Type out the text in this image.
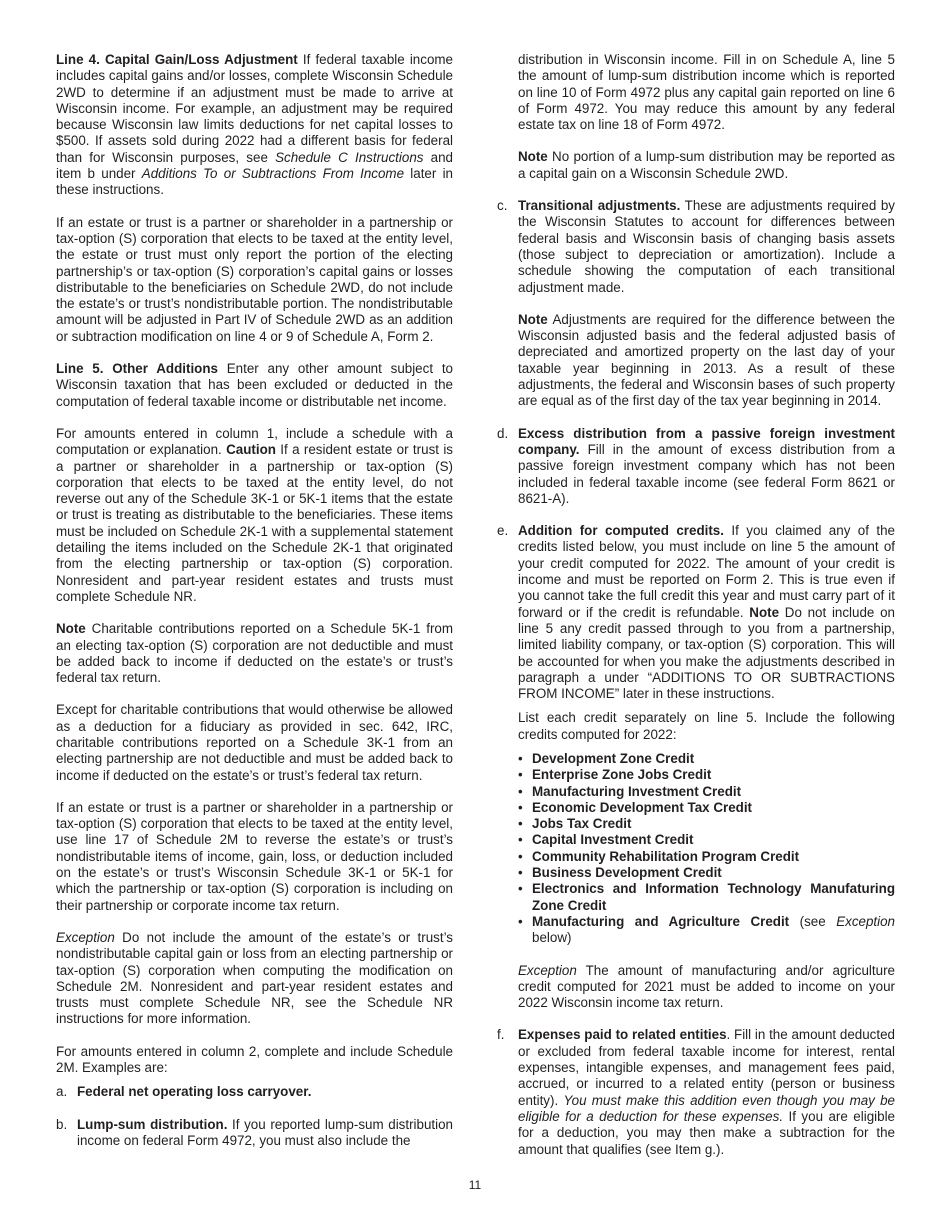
Line 4. Capital Gain/Loss Adjustment If federal taxable income includes capital gains and/or losses, complete Wisconsin Schedule 2WD to determine if an adjustment must be made to arrive at Wisconsin income. For example, an adjustment may be required because Wisconsin law limits deductions for net capital losses to $500. If assets sold during 2022 had a different basis for federal than for Wisconsin purposes, see Schedule C Instructions and item b under Additions To or Subtractions From Income later in these instructions.

If an estate or trust is a partner or shareholder in a partnership or tax-option (S) corporation that elects to be taxed at the entity level, the estate or trust must only report the portion of the electing partnership’s or tax-option (S) corporation’s capital gains or losses distributable to the beneficiaries on Schedule 2WD, do not include the estate’s or trust’s nondistributable portion. The nondistributable amount will be adjusted in Part IV of Schedule 2WD as an addition or subtraction modification on line 4 or 9 of Schedule A, Form 2.

Line 5. Other Additions Enter any other amount subject to Wisconsin taxation that has been excluded or deducted in the computation of federal taxable income or distributable net income.

For amounts entered in column 1, include a schedule with a computation or explanation. Caution If a resident estate or trust is a partner or shareholder in a partnership or tax-option (S) corporation that elects to be taxed at the entity level, do not reverse out any of the Schedule 3K-1 or 5K-1 items that the estate or trust is treating as distributable to the beneficiaries. These items must be included on Schedule 2K-1 with a supplemental statement detailing the items included on the Schedule 2K-1 that originated from the electing partnership or tax-option (S) corporation. Nonresident and part-year resident estates and trusts must complete Schedule NR.

Note Charitable contributions reported on a Schedule 5K-1 from an electing tax-option (S) corporation are not deductible and must be added back to income if deducted on the estate’s or trust’s federal tax return.

Except for charitable contributions that would otherwise be allowed as a deduction for a fiduciary as provided in sec. 642, IRC, charitable contributions reported on a Schedule 3K-1 from an electing partnership are not deductible and must be added back to income if deducted on the estate’s or trust’s federal tax return.

If an estate or trust is a partner or shareholder in a partnership or tax-option (S) corporation that elects to be taxed at the entity level, use line 17 of Schedule 2M to reverse the estate’s or trust’s nondistributable items of income, gain, loss, or deduction included on the estate’s or trust’s Wisconsin Schedule 3K-1 or 5K-1 for which the partnership or tax-option (S) corporation is including on their partnership or corporate income tax return.

Exception Do not include the amount of the estate’s or trust’s nondistributable capital gain or loss from an electing partnership or tax-option (S) corporation when computing the modification on Schedule 2M. Nonresident and part-year resident estates and trusts must complete Schedule NR, see the Schedule NR instructions for more information.

For amounts entered in column 2, complete and include Schedule 2M. Examples are:

a. Federal net operating loss carryover.
b. Lump-sum distribution. If you reported lump-sum distribution income on federal Form 4972, you must also include the

distribution in Wisconsin income. Fill in on Schedule A, line 5 the amount of lump-sum distribution income which is reported on line 10 of Form 4972 plus any capital gain reported on line 6 of Form 4972. You may reduce this amount by any federal estate tax on line 18 of Form 4972.

Note No portion of a lump-sum distribution may be reported as a capital gain on a Wisconsin Schedule 2WD.

c. Transitional adjustments. These are adjustments required by the Wisconsin Statutes to account for differences between federal basis and Wisconsin basis of changing basis assets (those subject to depreciation or amortization). Include a schedule showing the computation of each transitional adjustment made.

Note Adjustments are required for the difference between the Wisconsin adjusted basis and the federal adjusted basis of depreciated and amortized property on the last day of your taxable year beginning in 2013. As a result of these adjustments, the federal and Wisconsin bases of such property are equal as of the first day of the tax year beginning in 2014.

d. Excess distribution from a passive foreign investment company. Fill in the amount of excess distribution from a passive foreign investment company which has not been included in federal taxable income (see federal Form 8621 or 8621-A).
e. Addition for computed credits. If you claimed any of the credits listed below, you must include on line 5 the amount of your credit computed for 2022. The amount of your credit is income and must be reported on Form 2. This is true even if you cannot take the full credit this year and must carry part of it forward or if the credit is refundable. Note Do not include on line 5 any credit passed through to you from a partnership, limited liability company, or tax-option (S) corporation. This will be accounted for when you make the adjustments described in paragraph a under “ADDITIONS TO OR SUBTRACTIONS FROM INCOME” later in these instructions.

List each credit separately on line 5. Include the following credits computed for 2022:

• Development Zone Credit
• Enterprise Zone Jobs Credit
• Manufacturing Investment Credit
• Economic Development Tax Credit
• Jobs Tax Credit
• Capital Investment Credit
• Community Rehabilitation Program Credit
• Business Development Credit
• Electronics and Information Technology Manufaturing Zone Credit
• Manufacturing and Agriculture Credit (see Exception below)

Exception The amount of manufacturing and/or agriculture credit computed for 2021 must be added to income on your 2022 Wisconsin income tax return.

f. Expenses paid to related entities. Fill in the amount deducted or excluded from federal taxable income for interest, rental expenses, intangible expenses, and management fees paid, accrued, or incurred to a related entity (person or business entity). You must make this addition even though you may be eligible for a deduction for these expenses. If you are eligible for a deduction, you may then make a subtraction for the amount that qualifies (see Item g.).
11
